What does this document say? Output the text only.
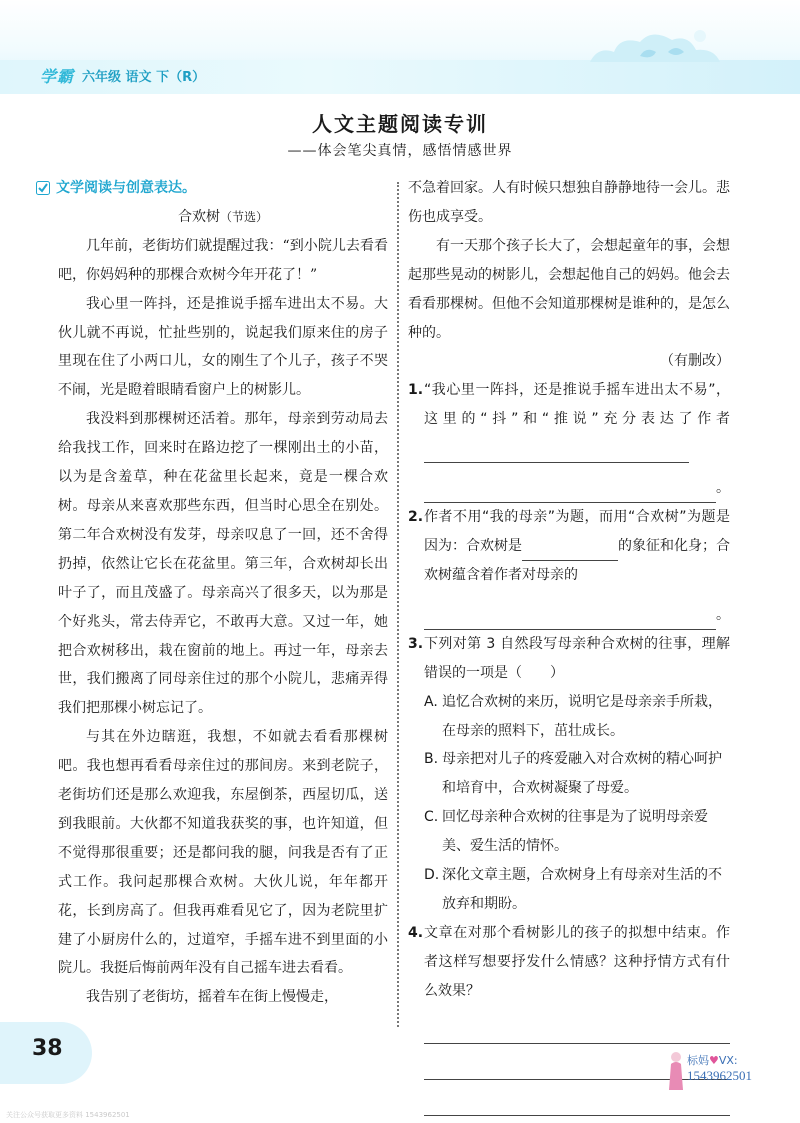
学霸 六年级 语文 下（R）
人文主题阅读专训
——体会笔尖真情，感悟情感世界
文学阅读与创意表达。
合欢树（节选）

几年前，老街坊们就提醒过我：“到小院儿去看看吧，你妈妈种的那棵合欢树今年开花了！”

我心里一阵抖，还是推说手摇车进出太不易。大伙儿就不再说，忙扯些别的，说起我们原来住的房子里现在住了小两口儿，女的刚生了个儿子，孩子不哭不闹，光是瞪着眼睛看窗户上的树影儿。

我没料到那棵树还活着。那年，母亲到劳动局去给我找工作，回来时在路边挖了一棵刚出土的小苗，以为是含羞草，种在花盆里长起来，竟是一棵合欢树。母亲从来喜欢那些东西，但当时心思全在别处。第二年合欢树没有发芽，母亲叹息了一回，还不舍得扔掉，依然让它长在花盆里。第三年，合欢树却长出叶子了，而且茂盛了。母亲高兴了很多天，以为那是个好兆头，常去侍弄它，不敢再大意。又过一年，她把合欢树移出，栽在窗前的地上。再过一年，母亲去世，我们搬离了同母亲住过的那个小院儿，悲痛弄得我们把那棵小树忘记了。

与其在外边瞎逛，我想，不如就去看看那棵树吧。我也想再看看母亲住过的那间房。来到老院子，老街坊们还是那么欢迎我，东屋倒茶，西屋切瓜，送到我眼前。大伙都不知道我获奖的事，也许知道，但不觉得那很重要；还是都问我的腿，问我是否有了正式工作。我问起那棵合欢树。大伙儿说，年年都开花，长到房高了。但我再难看见它了，因为老院里扩建了小厨房什么的，过道窄，手摇车进不到里面的小院儿。我挺后悔前两年没有自己摇车进去看看。

我告别了老街坊，摇着车在街上慢慢走，

不急着回家。人有时候只想独自静静地待一会儿。悲伤也成享受。

有一天那个孩子长大了，会想起童年的事，会想起那些晃动的树影儿，会想起他自己的妈妈。他会去看看那棵树。但他不会知道那棵树是谁种的，是怎么种的。

（有删改）
1. “我心里一阵抖，还是推说手摇车进出太不易”，这里的“抖”和“推说”充分表达了作者
。
2. 作者不用“我的母亲”为题，而用“合欢树”为题是因为：合欢树是	的象征和化身；合欢树蕴含着作者对母亲的
。
3. 下列对第 3 自然段写母亲种合欢树的往事，理解错误的一项是（　　）
A. 追忆合欢树的来历，说明它是母亲亲手所栽，在母亲的照料下，茁壮成长。
B. 母亲把对儿子的疼爱融入对合欢树的精心呵护和培育中，合欢树凝聚了母爱。
C. 回忆母亲种合欢树的往事是为了说明母亲爱美、爱生活的情怀。
D. 深化文章主题，合欢树身上有母亲对生活的不放弃和期盼。
4. 文章在对那个看树影儿的孩子的拟想中结束。作者这样写想要抒发什么情感？这种抒情方式有什么效果？
38	标妈♥VX:
1543962501
关注公众号获取更多资料 1543962501
